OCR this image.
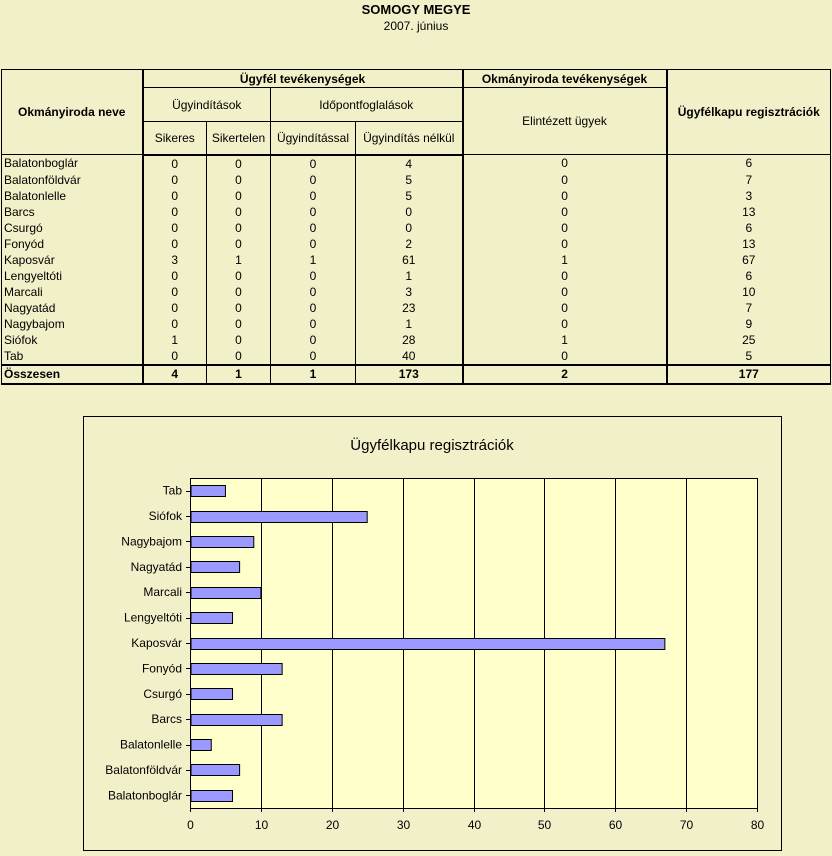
SOMOGY MEGYE
2007. június
Okmányiroda neve	Ügyfél tevékenységek				Okmányiroda tevékenységek	Ügyfélkapu regisztrációk
	Ügyindítások		Időpontfoglalások		Elintézett ügyek	
	Sikeres	Sikertelen	Ügyindítással	Ügyindítás nélkül		
Balatonboglár	0	0	0	4	0	6
Balatonföldvár	0	0	0	5	0	7
Balatonlelle	0	0	0	5	0	3
Barcs	0	0	0	0	0	13
Csurgó	0	0	0	0	0	6
Fonyód	0	0	0	2	0	13
Kaposvár	3	1	1	61	1	67
Lengyeltóti	0	0	0	1	0	6
Marcali	0	0	0	3	0	10
Nagyatád	0	0	0	23	0	7
Nagybajom	0	0	0	1	0	9
Siófok	1	0	0	28	1	25
Tab	0	0	0	40	0	5
Összesen	4	1	1	173	2	177
Ügyfélkapu regisztrációk
0	10	20	30	40	50	60	70	80
Balatonboglár
Balatonföldvár
Balatonlelle
Barcs
Csurgó
Fonyód
Kaposvár
Lengyeltóti
Marcali
Nagyatád
Nagybajom
Siófok
Tab
